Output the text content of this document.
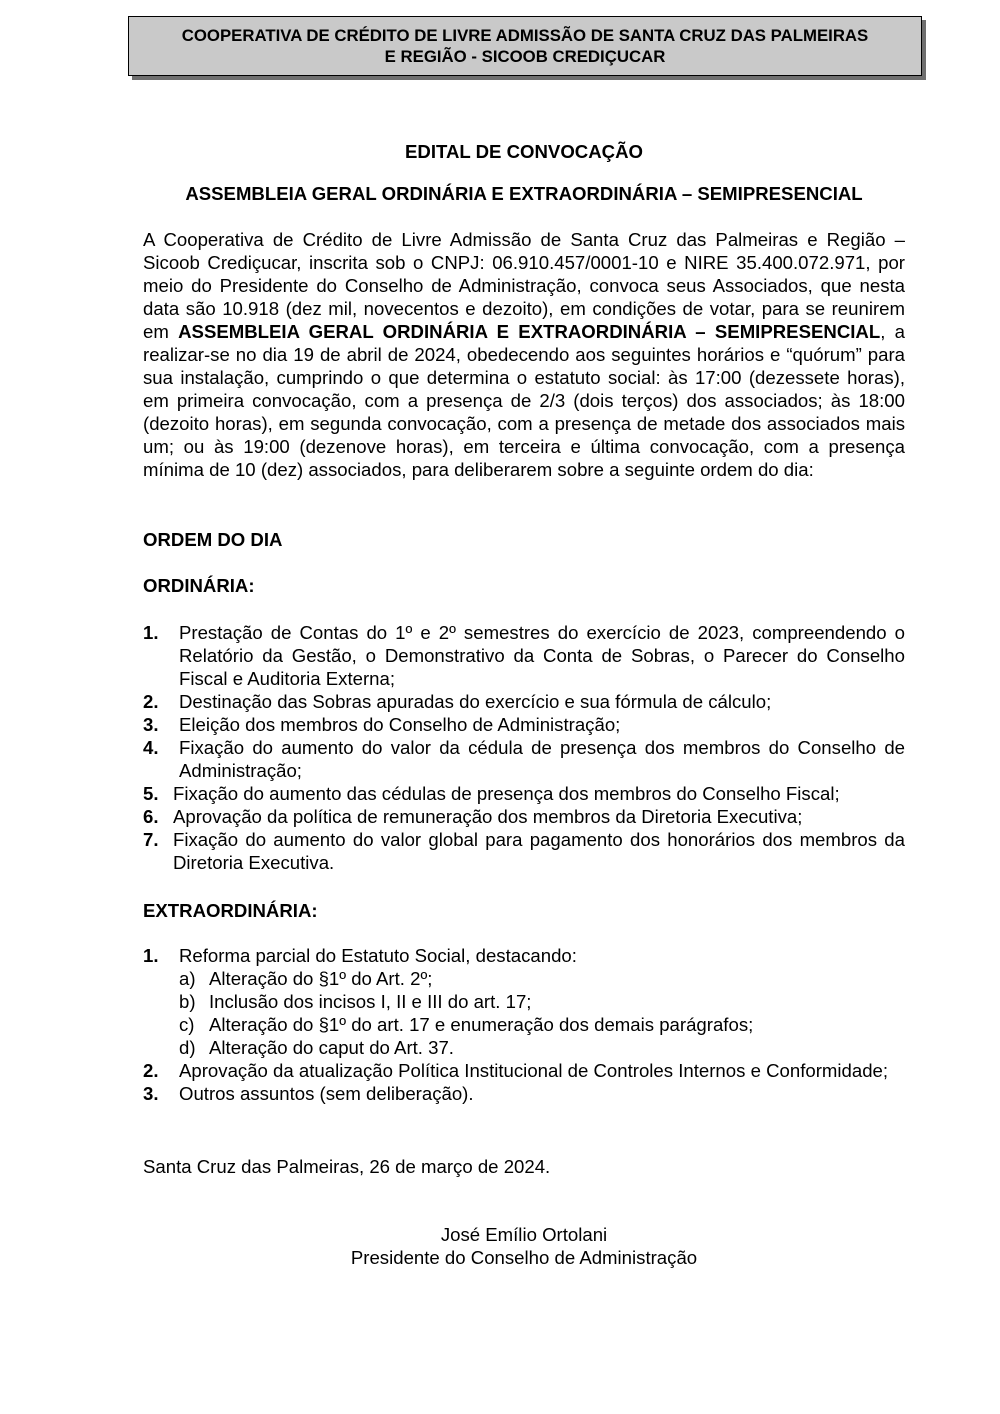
COOPERATIVA DE CRÉDITO DE LIVRE ADMISSÃO DE SANTA CRUZ DAS PALMEIRAS
E REGIÃO - SICOOB CREDIÇUCAR
EDITAL DE CONVOCAÇÃO
ASSEMBLEIA GERAL ORDINÁRIA E EXTRAORDINÁRIA – SEMIPRESENCIAL
A Cooperativa de Crédito de Livre Admissão de Santa Cruz das Palmeiras e Região – Sicoob Crediçucar, inscrita sob o CNPJ: 06.910.457/0001-10 e NIRE 35.400.072.971, por meio do Presidente do Conselho de Administração, convoca seus Associados, que nesta data são 10.918 (dez mil, novecentos e dezoito), em condições de votar, para se reunirem em ASSEMBLEIA GERAL ORDINÁRIA E EXTRAORDINÁRIA – SEMIPRESENCIAL, a realizar-se no dia 19 de abril de 2024, obedecendo aos seguintes horários e “quórum” para sua instalação, cumprindo o que determina o estatuto social: às 17:00 (dezessete horas), em primeira convocação, com a presença de 2/3 (dois terços) dos associados; às 18:00 (dezoito horas), em segunda convocação, com a presença de metade dos associados mais um; ou às 19:00 (dezenove horas), em terceira e última convocação, com a presença mínima de 10 (dez) associados, para deliberarem sobre a seguinte ordem do dia:
ORDEM DO DIA
ORDINÁRIA:
1.	Prestação de Contas do 1º e 2º semestres do exercício de 2023, compreendendo o Relatório da Gestão, o Demonstrativo da Conta de Sobras, o Parecer do Conselho Fiscal e Auditoria Externa;
2.	Destinação das Sobras apuradas do exercício e sua fórmula de cálculo;
3.	Eleição dos membros do Conselho de Administração;
4.	Fixação do aumento do valor da cédula de presença dos membros do Conselho de Administração;
5. Fixação do aumento das cédulas de presença dos membros do Conselho Fiscal;
6. Aprovação da política de remuneração dos membros da Diretoria Executiva;
7. Fixação do aumento do valor global para pagamento dos honorários dos membros da Diretoria Executiva.
EXTRAORDINÁRIA:
1.	Reforma parcial do Estatuto Social, destacando:
a) Alteração do §1º do Art. 2º;
b) Inclusão dos incisos I, II e III do art. 17;
c) Alteração do §1º do art. 17 e enumeração dos demais parágrafos;
d) Alteração do caput do Art. 37.
2.	Aprovação da atualização Política Institucional de Controles Internos e Conformidade;
3.	Outros assuntos (sem deliberação).
Santa Cruz das Palmeiras, 26 de março de 2024.
José Emílio Ortolani
Presidente do Conselho de Administração
